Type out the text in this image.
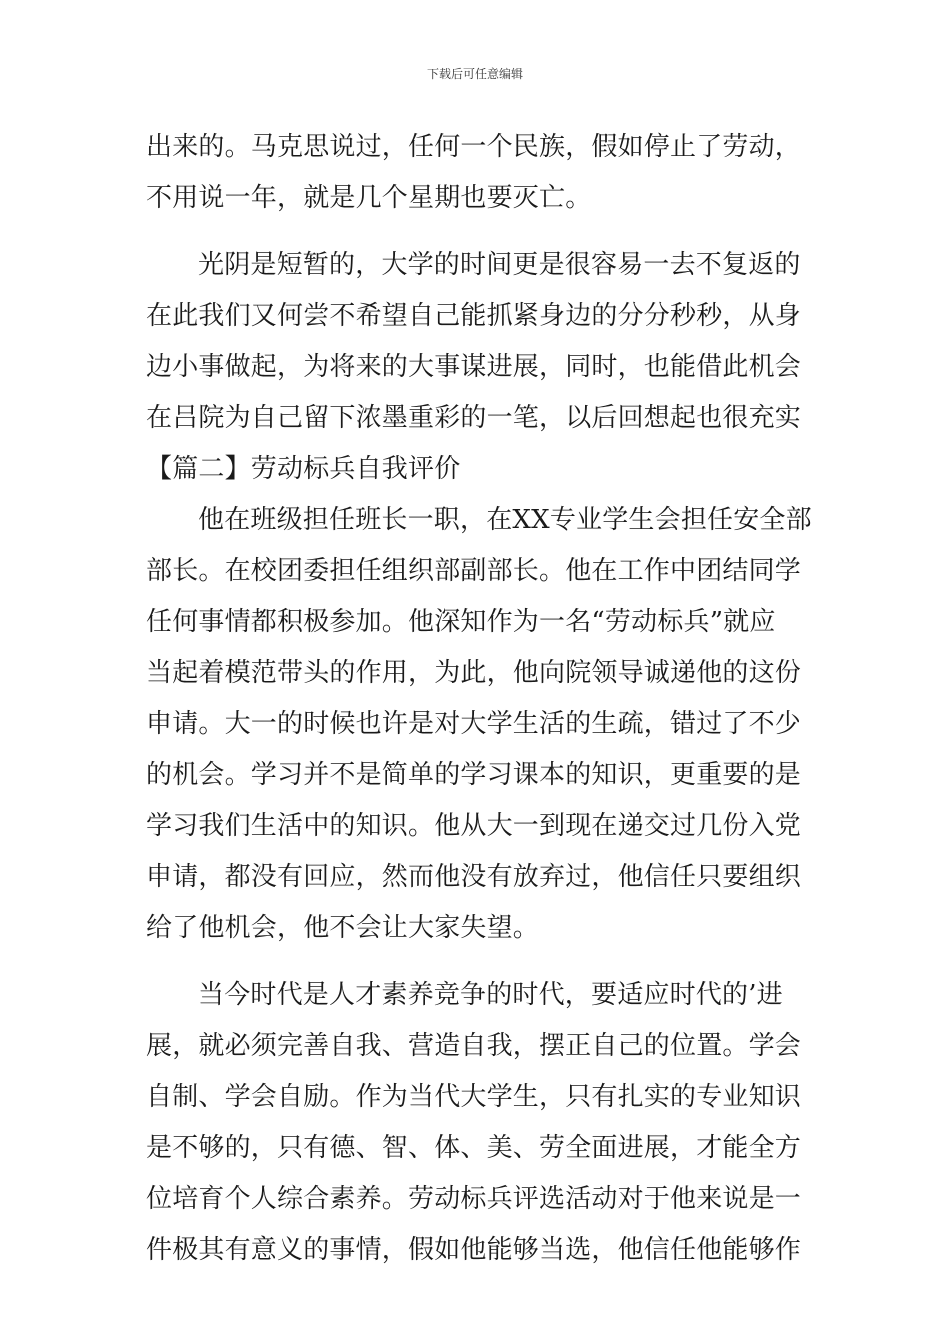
下载后可任意编辑
出来的。马克思说过，任何一个民族，假如停止了劳动，
不用说一年，就是几个星期也要灭亡。
光阴是短暂的，大学的时间更是很容易一去不复返的
在此我们又何尝不希望自己能抓紧身边的分分秒秒，从身
边小事做起，为将来的大事谋进展，同时，也能借此机会
在吕院为自己留下浓墨重彩的一笔，以后回想起也很充实
【篇二】劳动标兵自我评价
他在班级担任班长一职，在XX专业学生会担任安全部
部长。在校团委担任组织部副部长。他在工作中团结同学
任何事情都积极参加。他深知作为一名“劳动标兵”就应
当起着模范带头的作用，为此，他向院领导诚递他的这份
申请。大一的时候也许是对大学生活的生疏，错过了不少
的机会。学习并不是简单的学习课本的知识，更重要的是
学习我们生活中的知识。他从大一到现在递交过几份入党
申请，都没有回应，然而他没有放弃过，他信任只要组织
给了他机会，他不会让大家失望。
当今时代是人才素养竞争的时代，要适应时代的’进
展，就必须完善自我、营造自我，摆正自己的位置。学会
自制、学会自励。作为当代大学生，只有扎实的专业知识
是不够的，只有德、智、体、美、劳全面进展，才能全方
位培育个人综合素养。劳动标兵评选活动对于他来说是一
件极其有意义的事情，假如他能够当选，他信任他能够作
